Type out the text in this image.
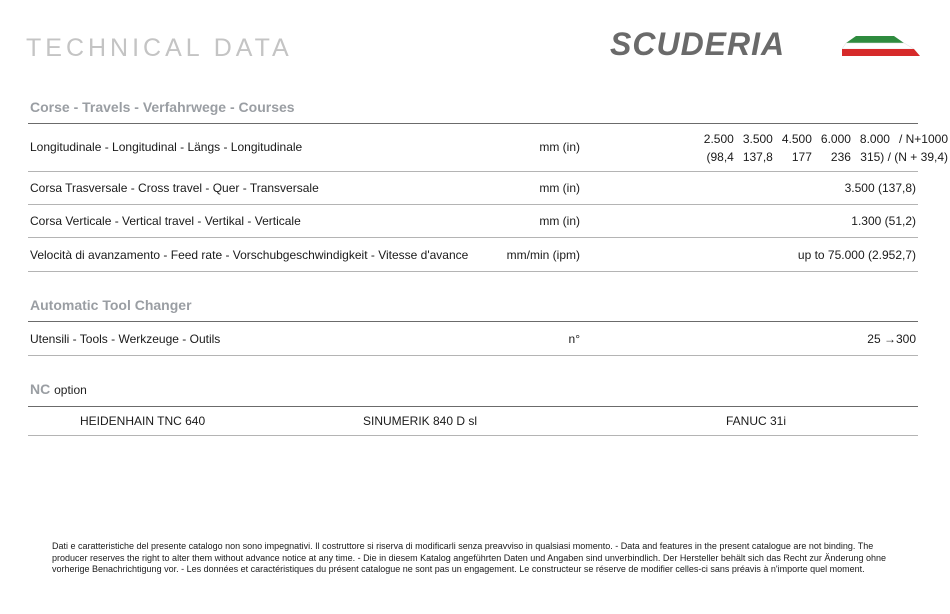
TECHNICAL DATA	SCUDERIA
Corse - Travels - Verfahrwege - Courses
Longitudinale - Longitudinal - Längs - Longitudinale	mm (in)
2.500	3.500	4.500	6.000	8.000	/ N+1000
(98,4	137,8	177	236	315) / (N + 39,4)	
Corsa Trasversale - Cross travel - Quer - Transversale	mm (in)	3.500 (137,8)
Corsa Verticale - Vertical travel - Vertikal - Verticale	mm (in)	1.300 (51,2)
Velocità di avanzamento - Feed rate - Vorschubgeschwindigkeit - Vitesse d'avance	mm/min (ipm)	up to 75.000 (2.952,7)
Automatic Tool Changer
Utensili - Tools - Werkzeuge - Outils	n°	25 →300
NC option
HEIDENHAIN TNC 640	SINUMERIK 840 D sl	FANUC 31i
Dati e caratteristiche del presente catalogo non sono impegnativi. Il costruttore si riserva di modificarli senza preavviso in qualsiasi momento. - Data and features in the present catalogue are not binding. The producer reserves the right to alter them without advance notice at any time. - Die in diesem Katalog angeführten Daten und Angaben sind unverbindlich. Der Hersteller behält sich das Recht zur Änderung ohne vorherige Benachrichtigung vor. - Les données et caractéristiques du présent catalogue ne sont pas un engagement. Le constructeur se réserve de modifier celles-ci sans préavis à n'importe quel moment.
